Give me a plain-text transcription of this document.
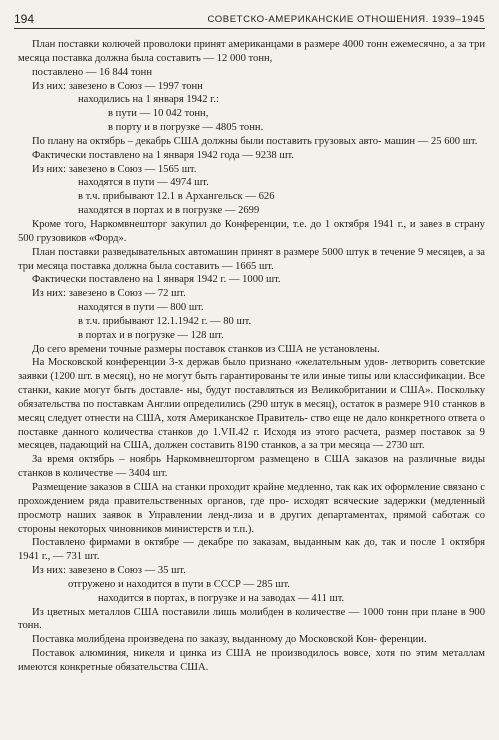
194	СОВЕТСКО-АМЕРИКАНСКИЕ ОТНОШЕНИЯ. 1939–1945

План поставки колючей проволоки принят американцами в размере 4000 тонн ежемесячно, а за три месяца поставка должна была составить — 12 000 тонн,

поставлено — 16 844 тонн

Из них: завезено в Союз — 1997 тонн

находились на 1 января 1942 г.:

в пути — 10 042 тонн,

в порту и в погрузке — 4805 тонн.

По плану на октябрь – декабрь США должны были поставить грузовых авто- машин — 25 600 шт.

Фактически поставлено на 1 января 1942 года — 9238 шт.

Из них: завезено в Союз — 1565 шт.

находятся в пути — 4974 шт.

в т.ч. прибывают 12.1 в Архангельск — 626

находятся в портах и в погрузке — 2699

Кроме того, Наркомвнешторг закупил до Конференции, т.е. до 1 октября 1941 г., и завез в страну 500 грузовиков «Форд».

План поставки разведывательных автомашин принят в размере 5000 штук в течение 9 месяцев, а за три месяца поставка должна была составить — 1665 шт.

Фактически поставлено на 1 января 1942 г. — 1000 шт.

Из них: завезено в Союз — 72 шт.

находятся в пути — 800 шт.

в т.ч. прибывают 12.1.1942 г. — 80 шт.

в портах и в погрузке — 128 шт.

До сего времени точные размеры поставок станков из США не установлены.

На Московской конференции 3-х держав было признано «желательным удов- летворить советские заявки (1200 шт. в месяц), но не могут быть гарантированы те или иные типы или классификации. Все станки, какие могут быть доставле- ны, будут поставляться из Великобритании и США». Поскольку обязательства по поставкам Англии определились (290 штук в месяц), остаток в размере 910 станков в месяц следует отнести на США, хотя Американское Правитель- ство еще не дало конкретного ответа о поставке данного количества станков до 1.VII.42 г. Исходя из этого расчета, размер поставок за 9 месяцев, падающий на США, должен составить 8190 станков, а за три месяца — 2730 шт.

За время октябрь – ноябрь Наркомвнешторгом размещено в США заказов на различные виды станков в количестве — 3404 шт.

Размещение заказов в США на станки проходит крайне медленно, так как их оформление связано с прохождением ряда правительственных органов, где про- исходят всяческие задержки (медленный просмотр наших заявок в Управлении ленд-лиза и в других департаментах, прямой саботаж со стороны некоторых чиновников министерств и т.п.).

Поставлено фирмами в октябре — декабре по заказам, выданным как до, так и после 1 октября 1941 г., — 731 шт.

Из них: завезено в Союз — 35 шт.

отгружено и находится в пути в СССР — 285 шт.

находится в портах, в погрузке и на заводах — 411 шт.

Из цветных металлов США поставили лишь молибден в количестве — 1000 тонн при плане в 900 тонн.

Поставка молибдена произведена по заказу, выданному до Московской Кон- ференции.

Поставок алюминия, никеля и цинка из США не производилось вовсе, хотя по этим металлам имеются конкретные обязательства США.
